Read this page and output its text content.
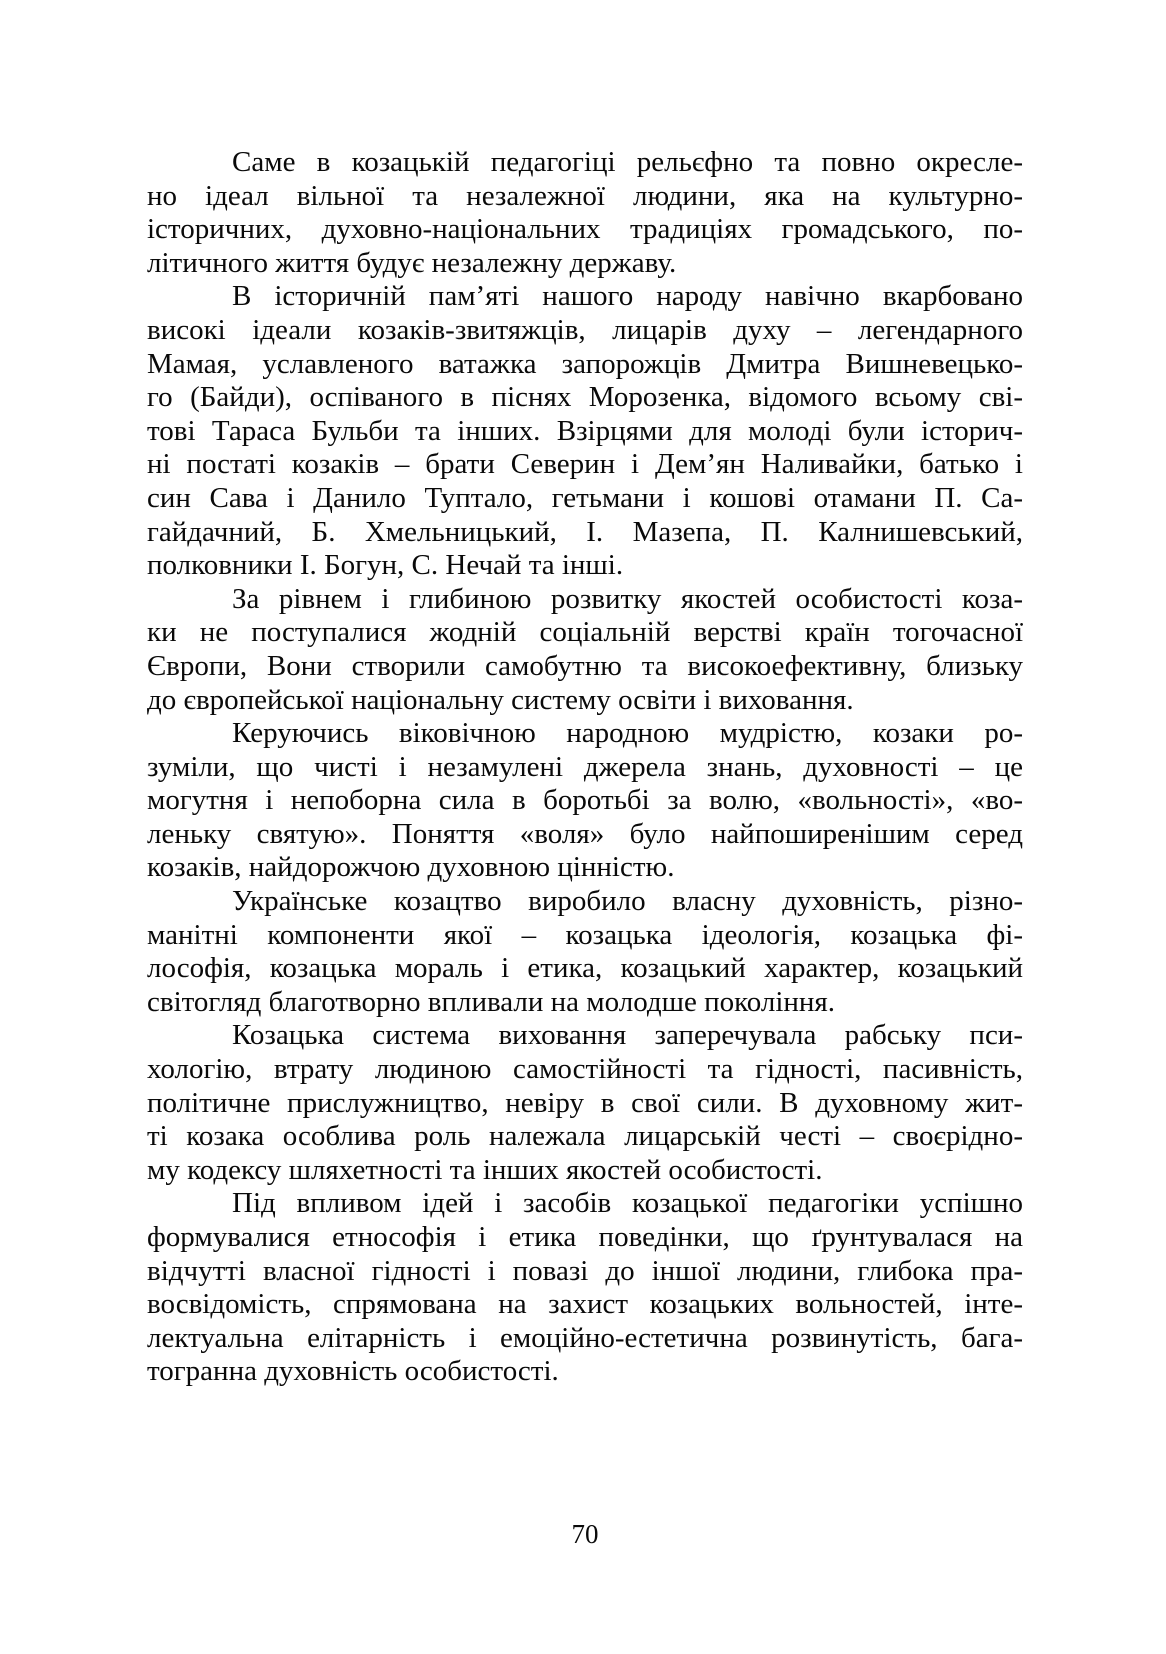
Саме в козацькій педагогіці рельєфно та повно окресле-
но ідеал вільної та незалежної людини, яка на культурно-
історичних, духовно-національних традиціях громадського, по-
літичного життя будує незалежну державу.
В історичній пам’яті нашого народу навічно вкарбовано
високі ідеали козаків-звитяжців, лицарів духу – легендарного
Мамая, уславленого ватажка запорожців Дмитра Вишневецько-
го (Байди), оспіваного в піснях Морозенка, відомого всьому сві-
тові Тараса Бульби та інших. Взірцями для молоді були історич-
ні постаті козаків – брати Северин і Дем’ян Наливайки, батько і
син Сава і Данило Туптало, гетьмани і кошові отамани П. Са-
гайдачний, Б. Хмельницький, І. Мазепа, П. Калнишевський,
полковники І. Богун, С. Нечай та інші.
За рівнем і глибиною розвитку якостей особистості коза-
ки не поступалися жодній соціальній верстві країн тогочасної
Європи, Вони створили самобутню та високоефективну, близьку
до європейської національну систему освіти і виховання.
Керуючись віковічною народною мудрістю, козаки ро-
зуміли, що чисті і незамулені джерела знань, духовності – це
могутня і непоборна сила в боротьбі за волю, «вольності», «во-
леньку святую». Поняття «воля» було найпоширенішим серед
козаків, найдорожчою духовною цінністю.
Українське козацтво виробило власну духовність, різно-
манітні компоненти якої – козацька ідеологія, козацька фі-
лософія, козацька мораль і етика, козацький характер, козацький
світогляд благотворно впливали на молодше покоління.
Козацька система виховання заперечувала рабську пси-
хологію, втрату людиною самостійності та гідності, пасивність,
політичне прислужництво, невіру в свої сили. В духовному жит-
ті козака особлива роль належала лицарській честі – своєрідно-
му кодексу шляхетності та інших якостей особистості.
Під впливом ідей і засобів козацької педагогіки успішно
формувалися етнософія і етика поведінки, що ґрунтувалася на
відчутті власної гідності і повазі до іншої людини, глибока пра-
восвідомість, спрямована на захист козацьких вольностей, інте-
лектуальна елітарність і емоційно-естетична розвинутість, бага-
тогранна духовність особистості.
70
